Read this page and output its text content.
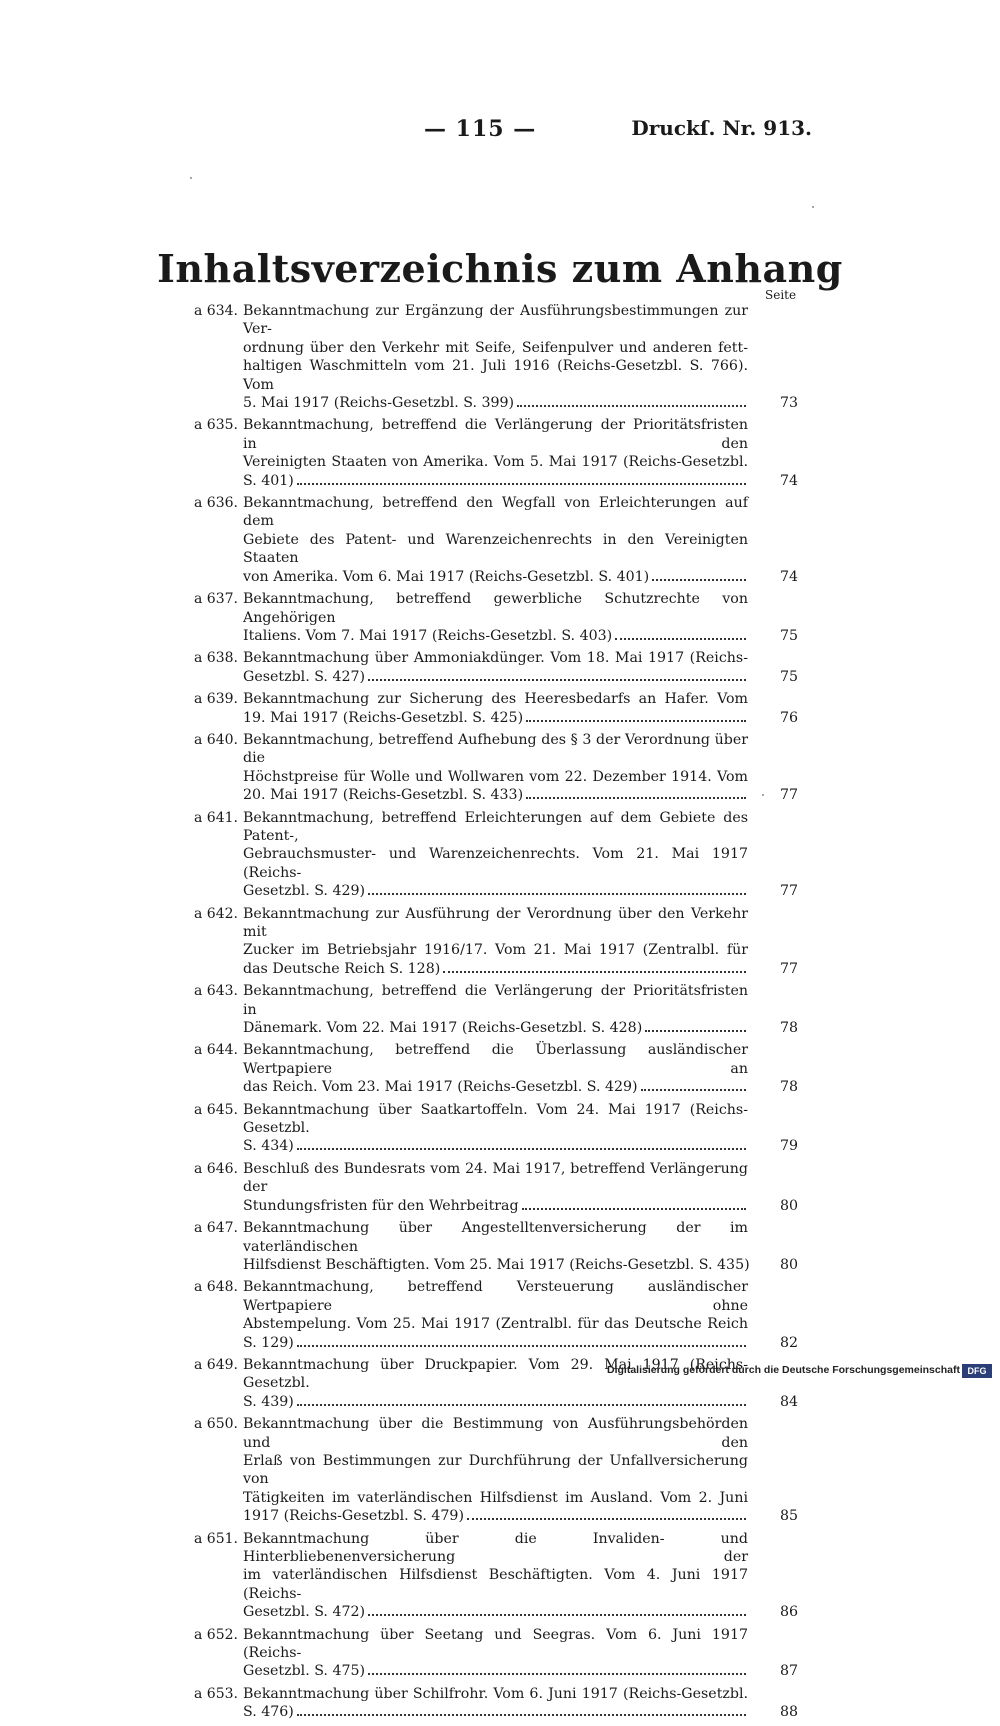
— 115 —	Druckſ. Nr. 913.
Inhaltsverzeichnis zum Anhang
Seite
a 634. Bekanntmachung zur Ergänzung der Ausführungsbestimmungen zur Ver-
ordnung über den Verkehr mit Seife, Seifenpulver und anderen fett-
haltigen Waschmitteln vom 21. Juli 1916 (Reichs-Gesetzbl. S. 766). Vom
5. Mai 1917 (Reichs-Gesetzbl. S. 399)	73
a 635. Bekanntmachung, betreffend die Verlängerung der Prioritätsfristen in den
Vereinigten Staaten von Amerika. Vom 5. Mai 1917 (Reichs-Gesetzbl.
S. 401)	74
a 636. Bekanntmachung, betreffend den Wegfall von Erleichterungen auf dem
Gebiete des Patent- und Warenzeichenrechts in den Vereinigten Staaten
von Amerika. Vom 6. Mai 1917 (Reichs-Gesetzbl. S. 401)	74
a 637. Bekanntmachung, betreffend gewerbliche Schutzrechte von Angehörigen
Italiens. Vom 7. Mai 1917 (Reichs-Gesetzbl. S. 403)	75
a 638. Bekanntmachung über Ammoniakdünger. Vom 18. Mai 1917 (Reichs-
Gesetzbl. S. 427)	75
a 639. Bekanntmachung zur Sicherung des Heeresbedarfs an Hafer. Vom
19. Mai 1917 (Reichs-Gesetzbl. S. 425)	76
a 640. Bekanntmachung, betreffend Aufhebung des § 3 der Verordnung über die
Höchstpreise für Wolle und Wollwaren vom 22. Dezember 1914. Vom
20. Mai 1917 (Reichs-Gesetzbl. S. 433)	77
a 641. Bekanntmachung, betreffend Erleichterungen auf dem Gebiete des Patent-,
Gebrauchsmuster- und Warenzeichenrechts. Vom 21. Mai 1917 (Reichs-
Gesetzbl. S. 429)	77
a 642. Bekanntmachung zur Ausführung der Verordnung über den Verkehr mit
Zucker im Betriebsjahr 1916/17. Vom 21. Mai 1917 (Zentralbl. für
das Deutsche Reich S. 128)	77
a 643. Bekanntmachung, betreffend die Verlängerung der Prioritätsfristen in
Dänemark. Vom 22. Mai 1917 (Reichs-Gesetzbl. S. 428)	78
a 644. Bekanntmachung, betreffend die Überlassung ausländischer Wertpapiere an
das Reich. Vom 23. Mai 1917 (Reichs-Gesetzbl. S. 429)	78
a 645. Bekanntmachung über Saatkartoffeln. Vom 24. Mai 1917 (Reichs-Gesetzbl.
S. 434)	79
a 646. Beschluß des Bundesrats vom 24. Mai 1917, betreffend Verlängerung der
Stundungsfristen für den Wehrbeitrag	80
a 647. Bekanntmachung über Angestelltenversicherung der im vaterländischen
Hilfsdienst Beschäftigten. Vom 25. Mai 1917 (Reichs-Gesetzbl. S. 435) 80
a 648. Bekanntmachung, betreffend Versteuerung ausländischer Wertpapiere ohne
Abstempelung. Vom 25. Mai 1917 (Zentralbl. für das Deutsche Reich
S. 129)	82
a 649. Bekanntmachung über Druckpapier. Vom 29. Mai 1917 (Reichs-Gesetzbl.
S. 439)	84
a 650. Bekanntmachung über die Bestimmung von Ausführungsbehörden und den
Erlaß von Bestimmungen zur Durchführung der Unfallversicherung von
Tätigkeiten im vaterländischen Hilfsdienst im Ausland. Vom 2. Juni
1917 (Reichs-Gesetzbl. S. 479)	85
a 651. Bekanntmachung über die Invaliden- und Hinterbliebenenversicherung der
im vaterländischen Hilfsdienst Beschäftigten. Vom 4. Juni 1917 (Reichs-
Gesetzbl. S. 472)	86
a 652. Bekanntmachung über Seetang und Seegras. Vom 6. Juni 1917 (Reichs-
Gesetzbl. S. 475)	87
a 653. Bekanntmachung über Schilfrohr. Vom 6. Juni 1917 (Reichs-Gesetzbl.
S. 476)	88
Digitalisierung gefördert durch die Deutsche Forschungsgemeinschaft DFG
